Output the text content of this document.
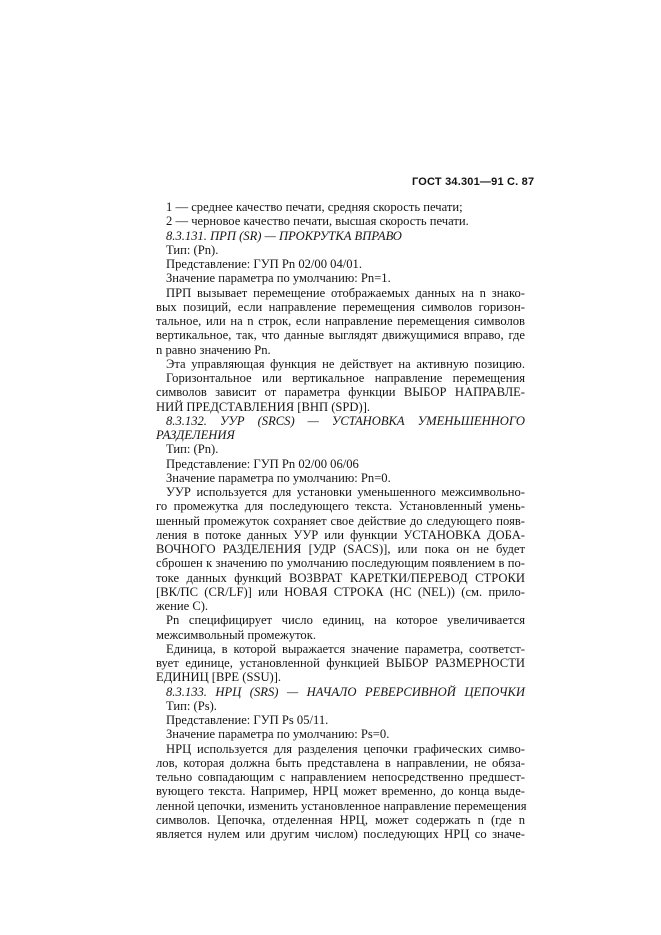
ГОСТ 34.301—91 С. 87
1 — среднее качество печати, средняя скорость печати;
2 — черновое качество печати, высшая скорость печати.
8.3.131. ПРП (SR) — ПРОКРУТКА ВПРАВО
Тип: (Pn).
Представление: ГУП Pn 02/00 04/01.
Значение параметра по умолчанию: Pn=1.
ПРП вызывает перемещение отображаемых данных на n знако-
вых позиций, если направление перемещения символов горизон-
тальное, или на n строк, если направление перемещения символов
вертикальное, так, что данные выглядят движущимися вправо, где
n равно значению Pn.
Эта управляющая функция не действует на активную позицию.
Горизонтальное или вертикальное направление перемещения
символов зависит от параметра функции ВЫБОР НАПРАВЛЕ-
НИЙ ПРЕДСТАВЛЕНИЯ [ВНП (SPD)].
8.3.132. УУР (SRCS) — УСТАНОВКА УМЕНЬШЕННОГО
РАЗДЕЛЕНИЯ
Тип: (Pn).
Представление: ГУП Pn 02/00 06/06
Значение параметра по умолчанию: Pn=0.
УУР используется для установки уменьшенного межсимвольно-
го промежутка для последующего текста. Установленный умень-
шенный промежуток сохраняет свое действие до следующего появ-
ления в потоке данных УУР или функции УСТАНОВКА ДОБА-
ВОЧНОГО РАЗДЕЛЕНИЯ [УДР (SACS)], или пока он не будет
сброшен к значению по умолчанию последующим появлением в по-
токе данных функций ВОЗВРАТ КАРЕТКИ/ПЕРЕВОД СТРОКИ
[ВК/ПС (CR/LF)] или НОВАЯ СТРОКА (НС (NEL)) (см. прило-
жение С).
Pn специфицирует число единиц, на которое увеличивается
межсимвольный промежуток.
Единица, в которой выражается значение параметра, соответст-
вует единице, установленной функцией ВЫБОР РАЗМЕРНОСТИ
ЕДИНИЦ [ВРЕ (SSU)].
8.3.133. НРЦ (SRS) — НАЧАЛО РЕВЕРСИВНОЙ ЦЕПОЧКИ
Тип: (Ps).
Представление: ГУП Ps 05/11.
Значение параметра по умолчанию: Ps=0.
НРЦ используется для разделения цепочки графических симво-
лов, которая должна быть представлена в направлении, не обяза-
тельно совпадающим с направлением непосредственно предшест-
вующего текста. Например, НРЦ может временно, до конца выде-
ленной цепочки, изменить установленное направление перемещения
символов. Цепочка, отделенная НРЦ, может содержать n (где n
является нулем или другим числом) последующих НРЦ со значе-
